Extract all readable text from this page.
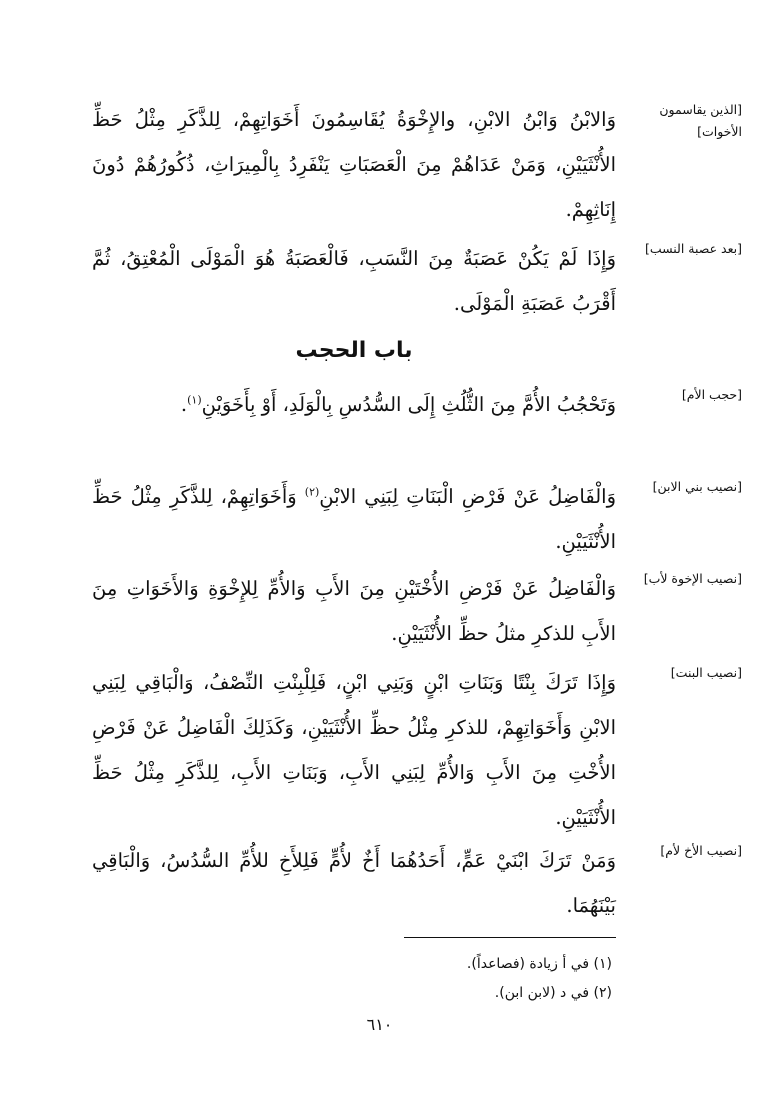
[الذين يقاسمون الأخوات]
وَالابْنُ وَابْنُ الابْنِ، والإِخْوَةُ يُقَاسِمُونَ أَخَوَاتِهِمْ، لِلذَّكَرِ مِثْلُ حَظِّ الأُنْثَيَيْنِ، وَمَنْ عَدَاهُمْ مِنَ الْعَصَبَاتِ يَنْفَرِدُ بِالْمِيرَاثِ، ذُكُورُهُمْ دُونَ إِنَاثِهِمْ.
[بعد عصبة النسب]
وَإِذَا لَمْ يَكُنْ عَصَبَةٌ مِنَ النَّسَبِ، فَالْعَصَبَةُ هُوَ الْمَوْلَى الْمُعْتِقُ، ثُمَّ أَقْرَبُ عَصَبَةِ الْمَوْلَى.
باب الحجب
[حجب الأم]
وَتَحْجُبُ الأُمَّ مِنَ الثُّلُثِ إِلَى السُّدُسِ بِالْوَلَدِ، أَوْ بِأَخَوَيْنِ$^{(١)}$.
[نصيب بني الابن]
وَالْفَاضِلُ عَنْ فَرْضِ الْبَنَاتِ لِبَنِي الابْنِ$^{(٢)}$ وَأَخَوَاتِهِمْ، لِلذَّكَرِ مِثْلُ حَظِّ الأُنْثَيَيْنِ.
[نصيب الإخوة لأب]
وَالْفَاضِلُ عَنْ فَرْضِ الأُخْتَيْنِ مِنَ الأَبِ وَالأُمِّ لِلإِخْوَةِ وَالأَخَوَاتِ مِنَ الأَبِ للذكرِ مثلُ حظِّ الأُنْثَيَيْنِ.
[نصيب البنت]
وَإِذَا تَرَكَ بِنْتًا وَبَنَاتِ ابْنٍ وَبَنِي ابْنٍ، فَلِلْبِنْتِ النِّصْفُ، وَالْبَاقِي لِبَنِي الابْنِ وَأَخَوَاتِهِمْ، للذكرِ مِثْلُ حظِّ الأُنْثَيَيْنِ، وَكَذَلِكَ الْفَاضِلُ عَنْ فَرْضِ الأُخْتِ مِنَ الأَبِ وَالأُمِّ لِبَنِي الأَبِ، وَبَنَاتِ الأَبِ، لِلذَّكَرِ مِثْلُ حَظِّ الأُنْثَيَيْنِ.
[نصيب الأخ لأم]
وَمَنْ تَرَكَ ابْنَيْ عَمٍّ، أَحَدُهُمَا أَخٌ لأُمٍّ فَلِلأَخِ للأُمِّ السُّدُسُ، وَالْبَاقِي بَيْنَهُمَا.
(١) في أ زيادة (فصاعداً).
(٢) في د (لابن ابن).
٦١٠
